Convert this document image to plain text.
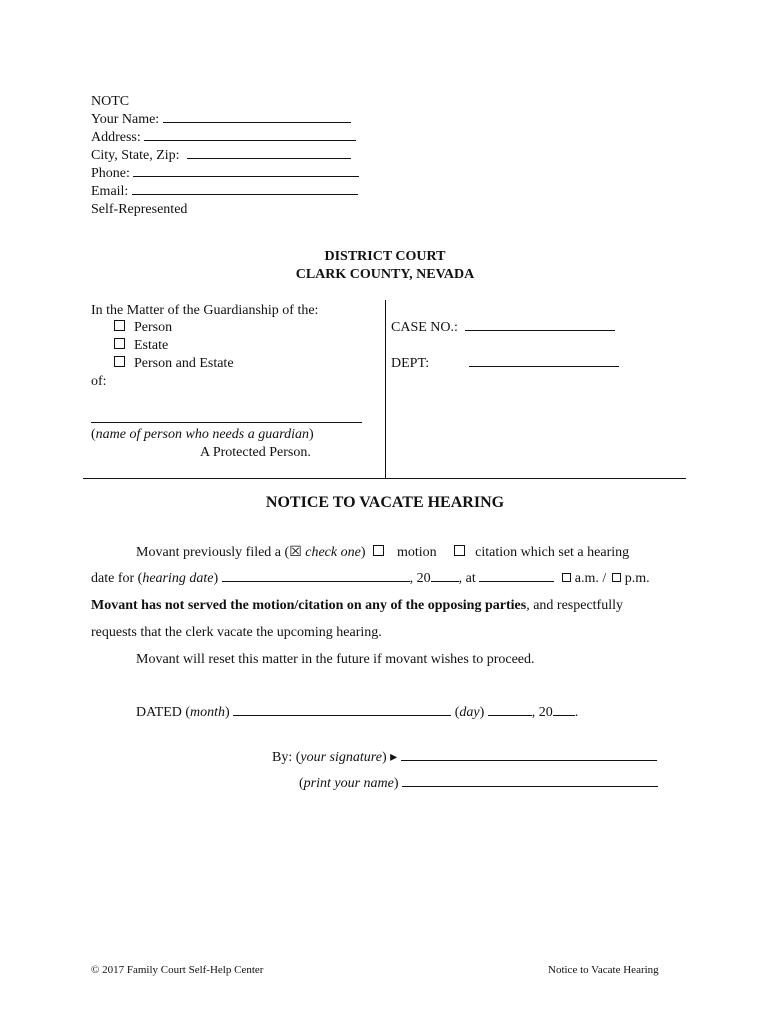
NOTC
Your Name:
Address:
City, State, Zip:
Phone:
Email:
Self-Represented
DISTRICT COURT
CLARK COUNTY, NEVADA
In the Matter of the Guardianship of the:
Person
Estate
Person and Estate
of:
(name of person who needs a guardian)
A Protected Person.
CASE NO.:
DEPT:
NOTICE TO VACATE HEARING
Movant previously filed a (☒ check one) motion	citation which set a hearing
date for (hearing date)	, 20 , at	a.m. / p.m.
Movant has not served the motion/citation on any of the opposing parties, and respectfully
requests that the clerk vacate the upcoming hearing.
Movant will reset this matter in the future if movant wishes to proceed.
DATED (month)	(day)	, 20 .
By: (your signature) ▸
(print your name)
© 2017 Family Court Self-Help Center	Notice to Vacate Hearing
